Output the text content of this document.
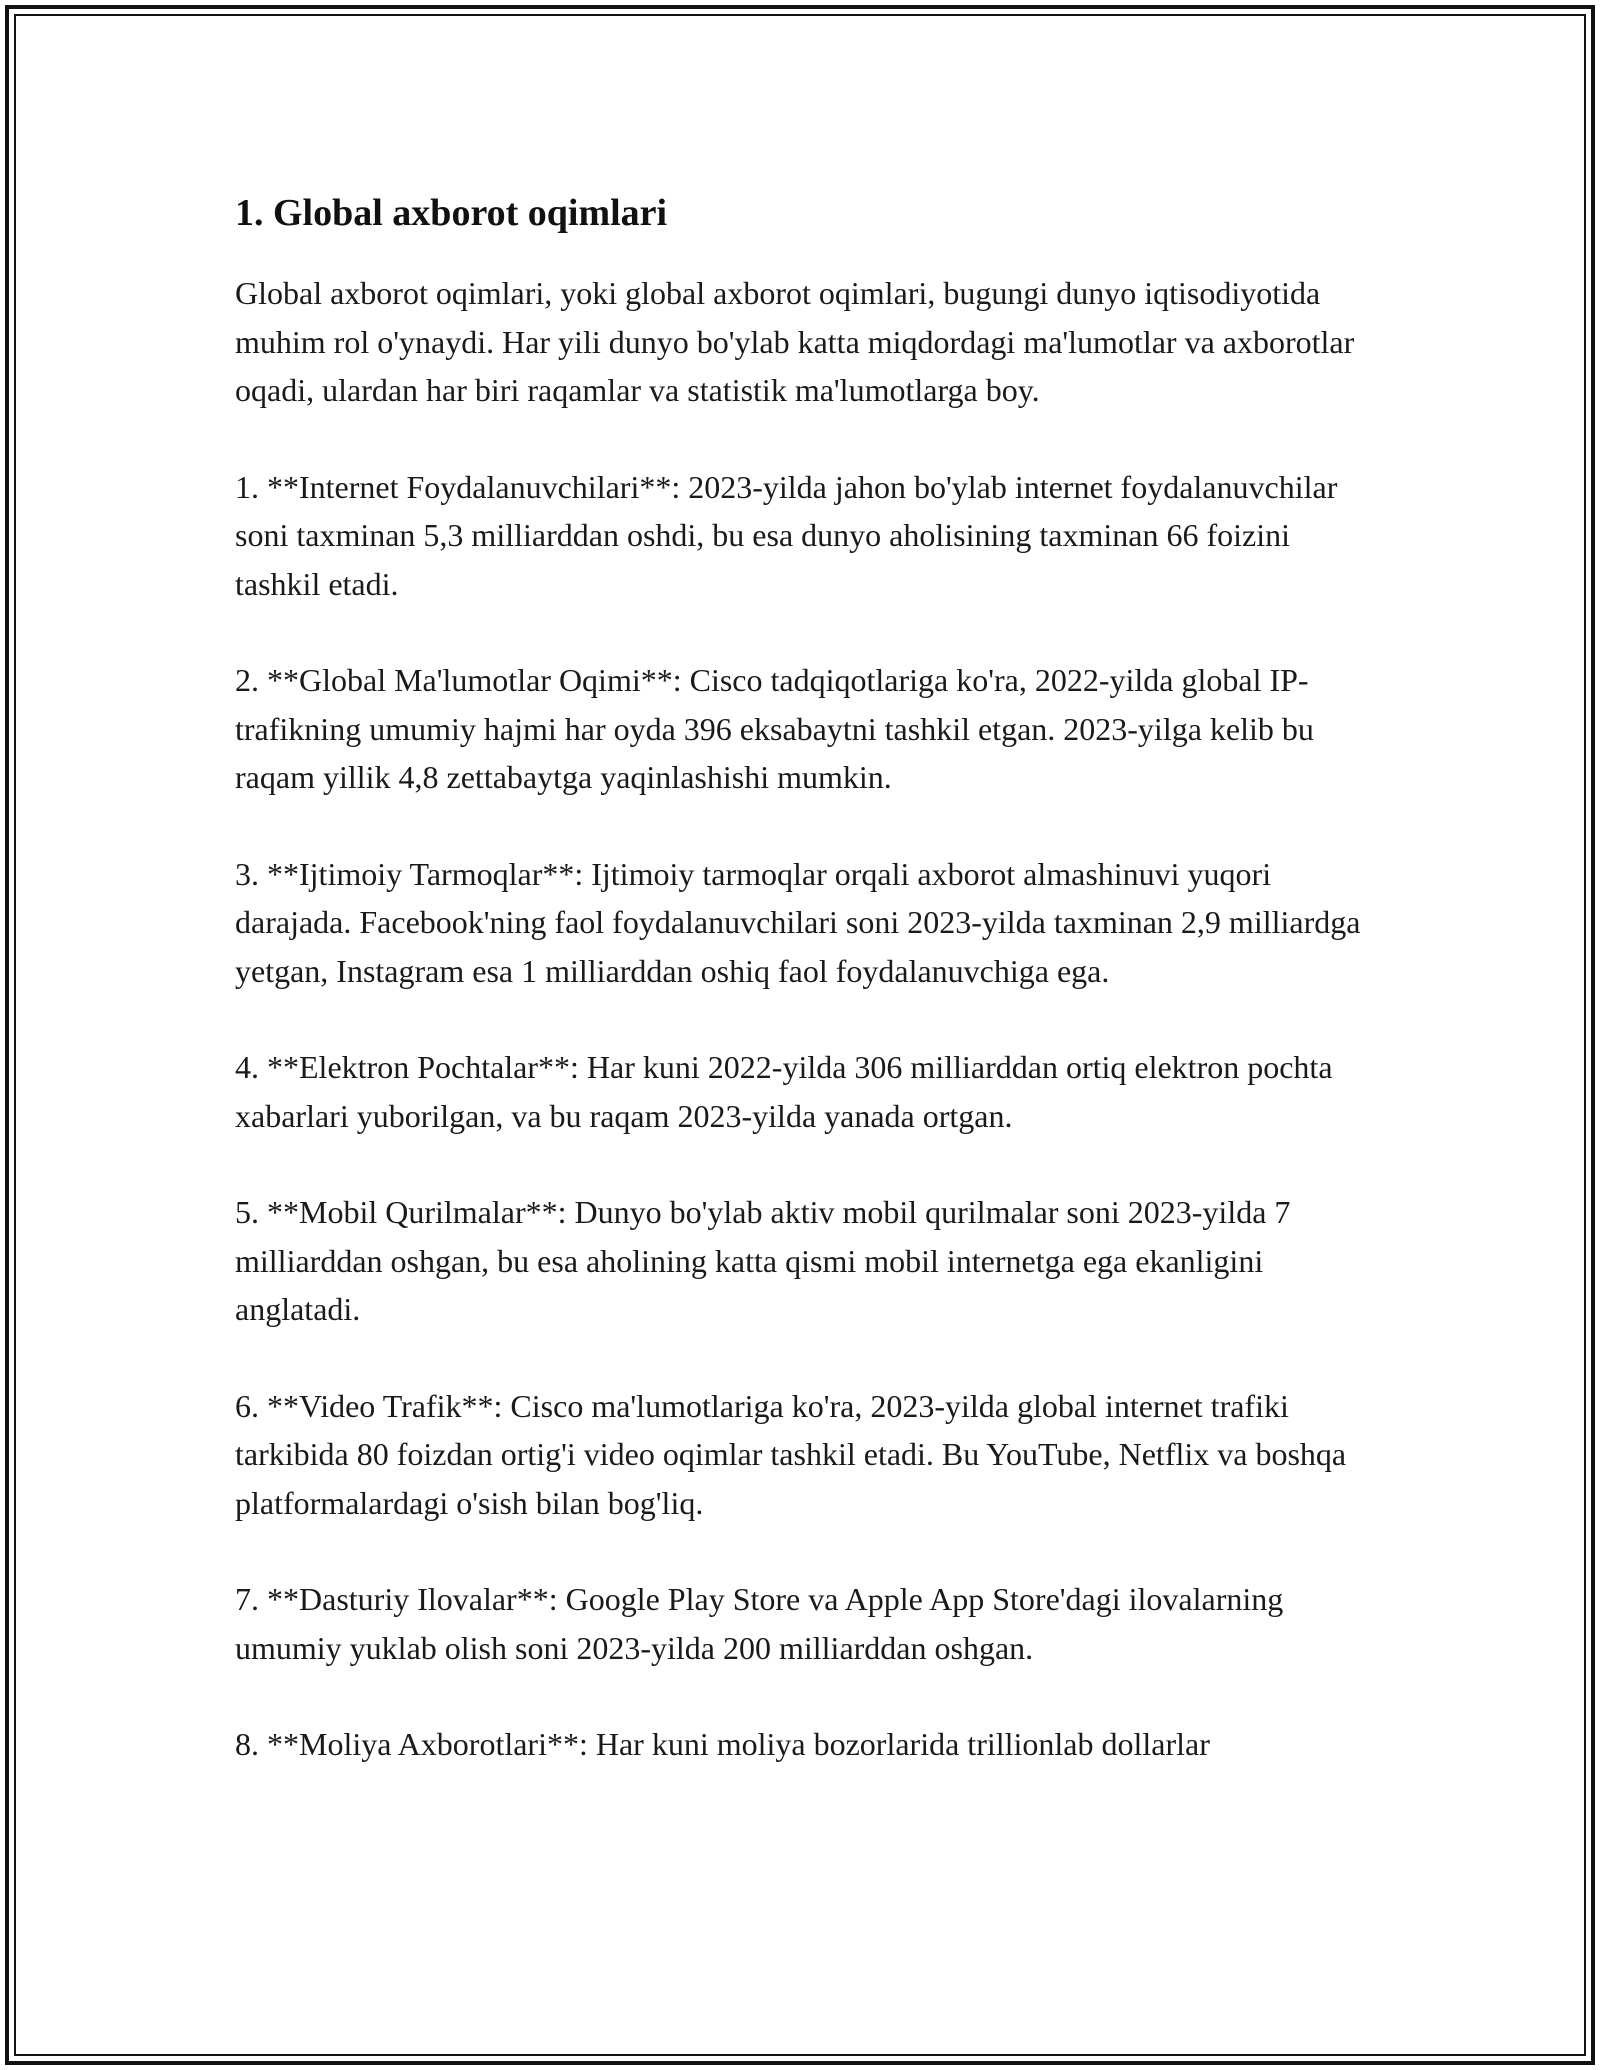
1. Global axborot oqimlari

Global axborot oqimlari, yoki global axborot oqimlari, bugungi dunyo iqtisodiyotida muhim rol o'ynaydi. Har yili dunyo bo'ylab katta miqdordagi ma'lumotlar va axborotlar oqadi, ulardan har biri raqamlar va statistik ma'lumotlarga boy.

1. **Internet Foydalanuvchilari**: 2023-yilda jahon bo'ylab internet foydalanuvchilar soni taxminan 5,3 milliarddan oshdi, bu esa dunyo aholisining taxminan 66 foizini tashkil etadi.

2. **Global Ma'lumotlar Oqimi**: Cisco tadqiqotlariga ko'ra, 2022-yilda global IP-trafikning umumiy hajmi har oyda 396 eksabaytni tashkil etgan. 2023-yilga kelib bu raqam yillik 4,8 zettabaytga yaqinlashishi mumkin.

3. **Ijtimoiy Tarmoqlar**: Ijtimoiy tarmoqlar orqali axborot almashinuvi yuqori darajada. Facebook'ning faol foydalanuvchilari soni 2023-yilda taxminan 2,9 milliardga yetgan, Instagram esa 1 milliarddan oshiq faol foydalanuvchiga ega.

4. **Elektron Pochtalar**: Har kuni 2022-yilda 306 milliarddan ortiq elektron pochta xabarlari yuborilgan, va bu raqam 2023-yilda yanada ortgan.

5. **Mobil Qurilmalar**: Dunyo bo'ylab aktiv mobil qurilmalar soni 2023-yilda 7 milliarddan oshgan, bu esa aholining katta qismi mobil internetga ega ekanligini anglatadi.

6. **Video Trafik**: Cisco ma'lumotlariga ko'ra, 2023-yilda global internet trafiki tarkibida 80 foizdan ortig'i video oqimlar tashkil etadi. Bu YouTube, Netflix va boshqa platformalardagi o'sish bilan bog'liq.

7. **Dasturiy Ilovalar**: Google Play Store va Apple App Store'dagi ilovalarning umumiy yuklab olish soni 2023-yilda 200 milliarddan oshgan.

8. **Moliya Axborotlari**: Har kuni moliya bozorlarida trillionlab dollarlar
